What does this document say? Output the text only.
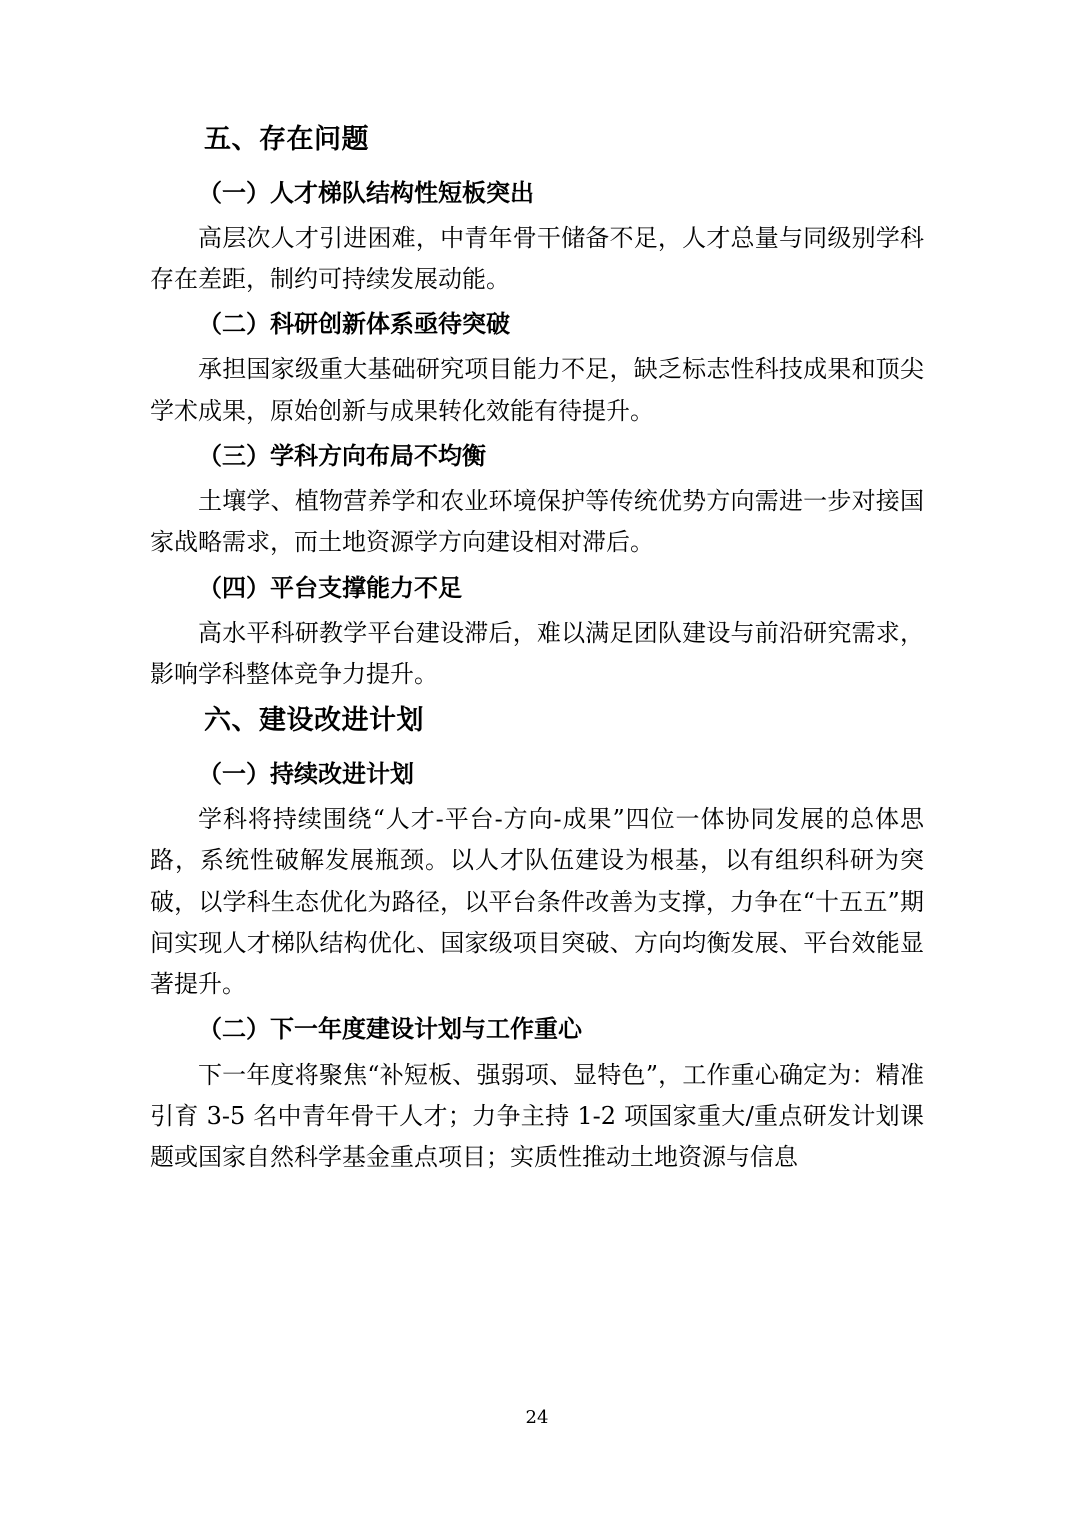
五、存在问题
（一）人才梯队结构性短板突出

高层次人才引进困难，中青年骨干储备不足，人才总量与同级别学科存在差距，制约可持续发展动能。

（二）科研创新体系亟待突破

承担国家级重大基础研究项目能力不足，缺乏标志性科技成果和顶尖学术成果，原始创新与成果转化效能有待提升。

（三）学科方向布局不均衡

土壤学、植物营养学和农业环境保护等传统优势方向需进一步对接国家战略需求，而土地资源学方向建设相对滞后。

（四）平台支撑能力不足

高水平科研教学平台建设滞后，难以满足团队建设与前沿研究需求，影响学科整体竞争力提升。

六、建设改进计划
（一）持续改进计划

学科将持续围绕“人才-平台-方向-成果”四位一体协同发展的总体思路，系统性破解发展瓶颈。以人才队伍建设为根基，以有组织科研为突破，以学科生态优化为路径，以平台条件改善为支撑，力争在“十五五”期间实现人才梯队结构优化、国家级项目突破、方向均衡发展、平台效能显著提升。

（二）下一年度建设计划与工作重心

下一年度将聚焦“补短板、强弱项、显特色”，工作重心确定为：精准引育 3-5 名中青年骨干人才；力争主持 1-2 项国家重大/重点研发计划课题或国家自然科学基金重点项目；实质性推动土地资源与信息

24
